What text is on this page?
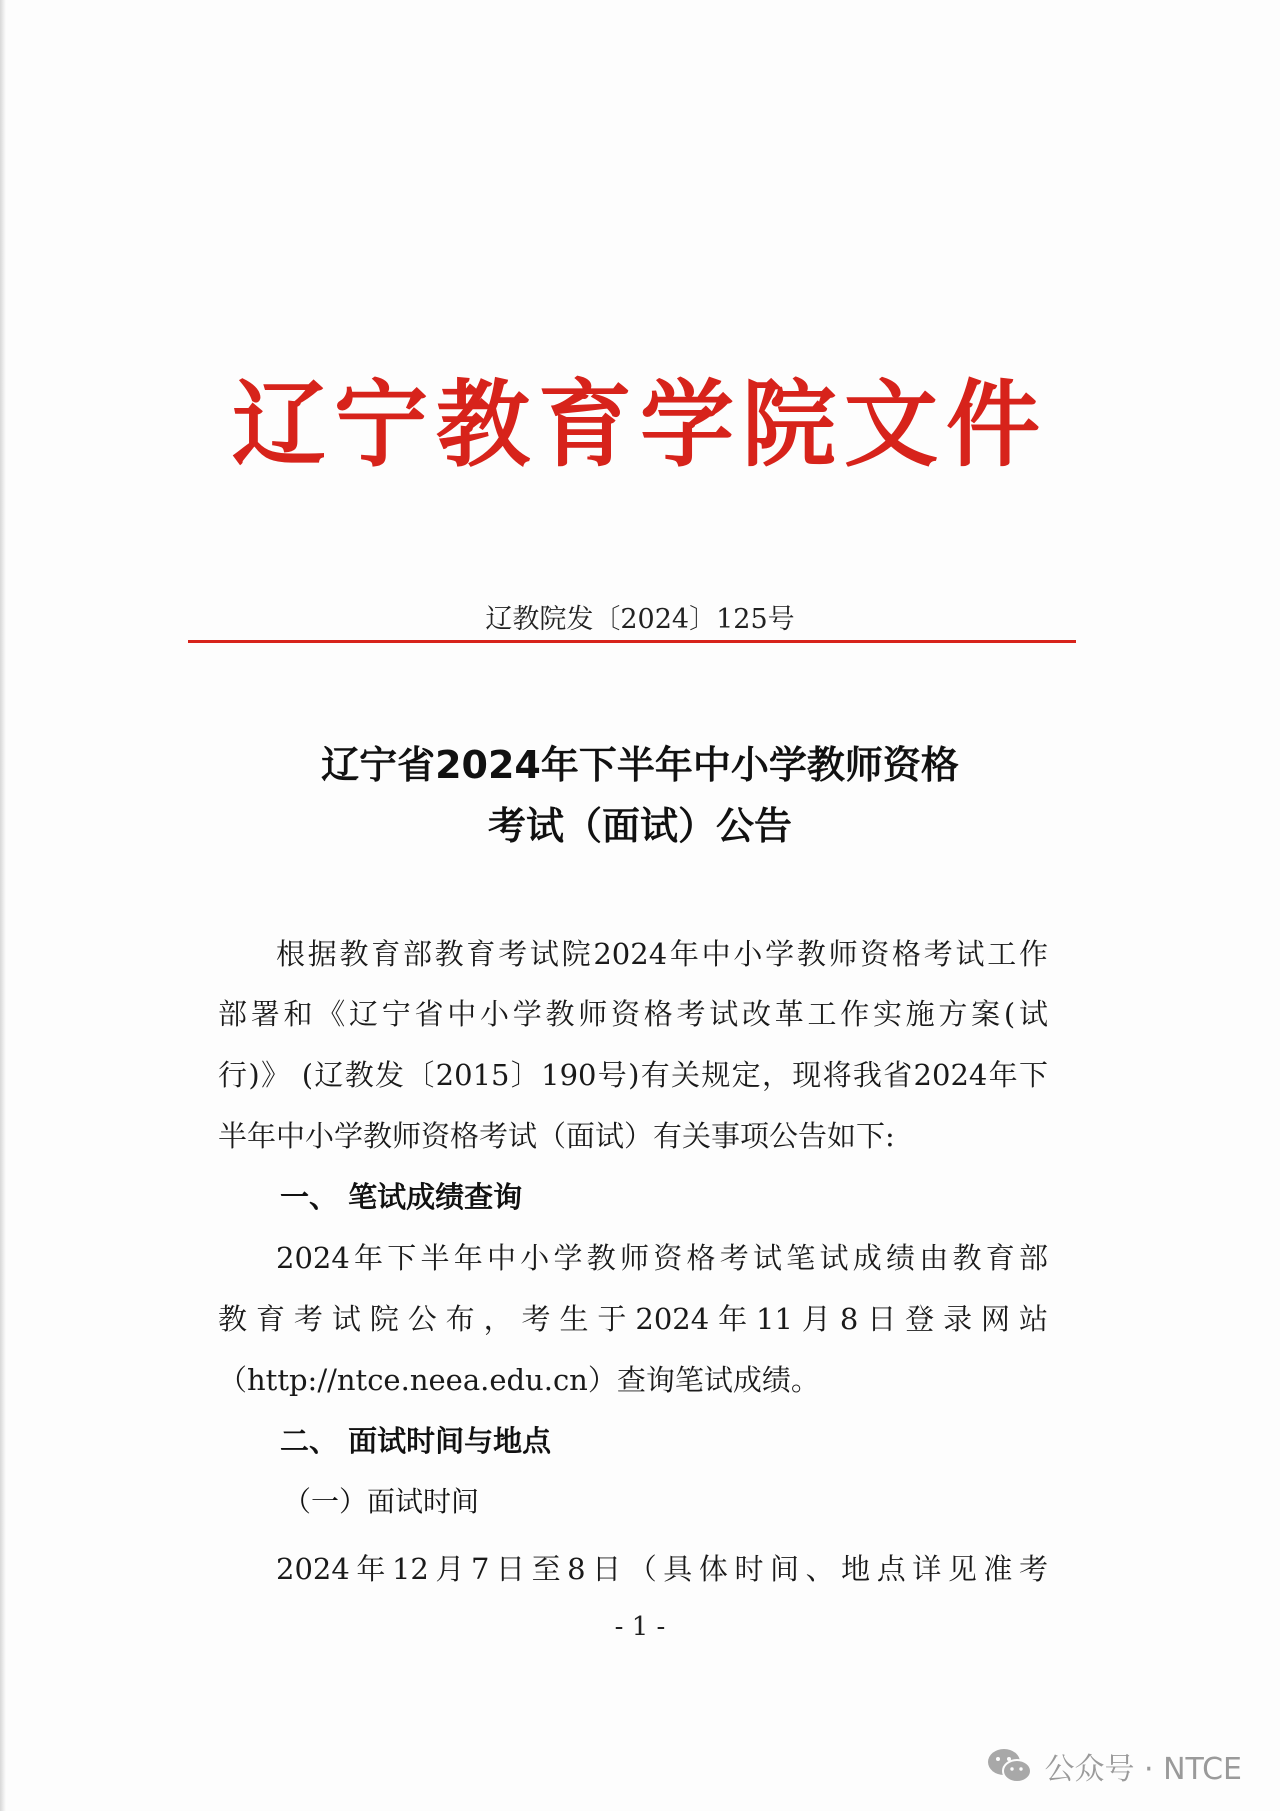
辽宁教育学院文件
辽教院发〔2024〕125号
辽宁省2024年下半年中小学教师资格
考试（面试）公告
根据教育部教育考试院2024年中小学教师资格考试工作
部署和《辽宁省中小学教师资格考试改革工作实施方案(试
行)》 (辽教发〔2015〕190号)有关规定，现将我省2024年下
半年中小学教师资格考试（面试）有关事项公告如下:
一、 笔试成绩查询
2024年下半年中小学教师资格考试笔试成绩由教育部
教育考试院公布，考生于2024年11月8日登录网站
（http://ntce.neea.edu.cn）查询笔试成绩。
二、 面试时间与地点
（一）面试时间
2024年12月7日至8日（具体时间、地点详见准考
- 1 -
公众号 · NTCE
